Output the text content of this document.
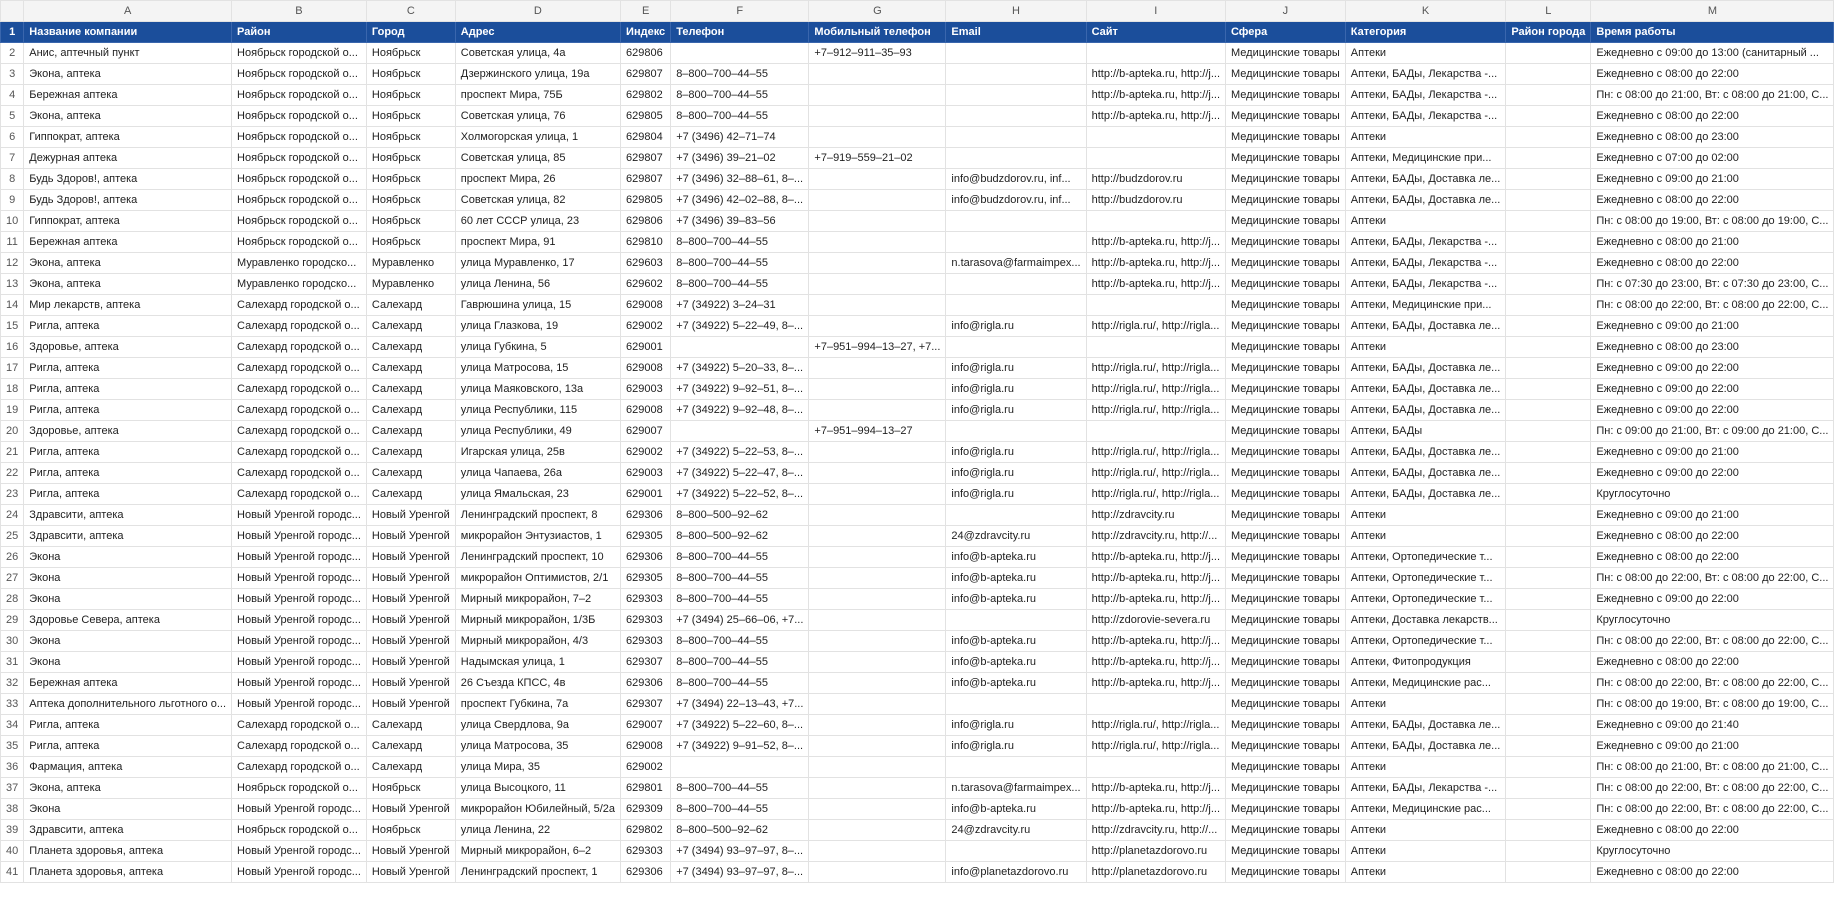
	A	B	C	D	E	F	G	H	I	J	K	L	M
1	Название компании	Район	Город	Адрес	Индекс	Телефон	Мобильный телефон	Email	Сайт	Сфера	Категория	Район города	Время работы
2	Анис, аптечный пункт	Ноябрьск городской о...	Ноябрьск	Советская улица, 4а	629806		+7–912–911–35–93			Медицинские товары	Аптеки		Ежедневно с 09:00 до 13:00 (санитарный ...
3	Экона, аптека	Ноябрьск городской о...	Ноябрьск	Дзержинского улица, 19а	629807	8–800–700–44–55			http://b-apteka.ru, http://j...	Медицинские товары	Аптеки, БАДы, Лекарства -...		Ежедневно с 08:00 до 22:00
4	Бережная аптека	Ноябрьск городской о...	Ноябрьск	проспект Мира, 75Б	629802	8–800–700–44–55			http://b-apteka.ru, http://j...	Медицинские товары	Аптеки, БАДы, Лекарства -...		Пн: с 08:00 до 21:00, Вт: с 08:00 до 21:00, С...
5	Экона, аптека	Ноябрьск городской о...	Ноябрьск	Советская улица, 76	629805	8–800–700–44–55			http://b-apteka.ru, http://j...	Медицинские товары	Аптеки, БАДы, Лекарства -...		Ежедневно с 08:00 до 22:00
6	Гиппократ, аптека	Ноябрьск городской о...	Ноябрьск	Холмогорская улица, 1	629804	+7 (3496) 42–71–74				Медицинские товары	Аптеки		Ежедневно с 08:00 до 23:00
7	Дежурная аптека	Ноябрьск городской о...	Ноябрьск	Советская улица, 85	629807	+7 (3496) 39–21–02	+7–919–559–21–02			Медицинские товары	Аптеки, Медицинские при...		Ежедневно с 07:00 до 02:00
8	Будь Здоров!, аптека	Ноябрьск городской о...	Ноябрьск	проспект Мира, 26	629807	+7 (3496) 32–88–61, 8–...		info@budzdorov.ru, inf...	http://budzdorov.ru	Медицинские товары	Аптеки, БАДы, Доставка ле...		Ежедневно с 09:00 до 21:00
9	Будь Здоров!, аптека	Ноябрьск городской о...	Ноябрьск	Советская улица, 82	629805	+7 (3496) 42–02–88, 8–...		info@budzdorov.ru, inf...	http://budzdorov.ru	Медицинские товары	Аптеки, БАДы, Доставка ле...		Ежедневно с 08:00 до 22:00
10	Гиппократ, аптека	Ноябрьск городской о...	Ноябрьск	60 лет СССР улица, 23	629806	+7 (3496) 39–83–56				Медицинские товары	Аптеки		Пн: с 08:00 до 19:00, Вт: с 08:00 до 19:00, С...
11	Бережная аптека	Ноябрьск городской о...	Ноябрьск	проспект Мира, 91	629810	8–800–700–44–55			http://b-apteka.ru, http://j...	Медицинские товары	Аптеки, БАДы, Лекарства -...		Ежедневно с 08:00 до 21:00
12	Экона, аптека	Муравленко городско...	Муравленко	улица Муравленко, 17	629603	8–800–700–44–55		n.tarasova@farmaimpex...	http://b-apteka.ru, http://j...	Медицинские товары	Аптеки, БАДы, Лекарства -...		Ежедневно с 08:00 до 22:00
13	Экона, аптека	Муравленко городско...	Муравленко	улица Ленина, 56	629602	8–800–700–44–55			http://b-apteka.ru, http://j...	Медицинские товары	Аптеки, БАДы, Лекарства -...		Пн: с 07:30 до 23:00, Вт: с 07:30 до 23:00, С...
14	Мир лекарств, аптека	Салехард городской о...	Салехард	Гаврюшина улица, 15	629008	+7 (34922) 3–24–31				Медицинские товары	Аптеки, Медицинские при...		Пн: с 08:00 до 22:00, Вт: с 08:00 до 22:00, С...
15	Ригла, аптека	Салехард городской о...	Салехард	улица Глазкова, 19	629002	+7 (34922) 5–22–49, 8–...		info@rigla.ru	http://rigla.ru/, http://rigla...	Медицинские товары	Аптеки, БАДы, Доставка ле...		Ежедневно с 09:00 до 21:00
16	Здоровье, аптека	Салехард городской о...	Салехард	улица Губкина, 5	629001		+7–951–994–13–27, +7...			Медицинские товары	Аптеки		Ежедневно с 08:00 до 23:00
17	Ригла, аптека	Салехард городской о...	Салехард	улица Матросова, 15	629008	+7 (34922) 5–20–33, 8–...		info@rigla.ru	http://rigla.ru/, http://rigla...	Медицинские товары	Аптеки, БАДы, Доставка ле...		Ежедневно с 09:00 до 22:00
18	Ригла, аптека	Салехард городской о...	Салехард	улица Маяковского, 13а	629003	+7 (34922) 9–92–51, 8–...		info@rigla.ru	http://rigla.ru/, http://rigla...	Медицинские товары	Аптеки, БАДы, Доставка ле...		Ежедневно с 09:00 до 22:00
19	Ригла, аптека	Салехард городской о...	Салехард	улица Республики, 115	629008	+7 (34922) 9–92–48, 8–...		info@rigla.ru	http://rigla.ru/, http://rigla...	Медицинские товары	Аптеки, БАДы, Доставка ле...		Ежедневно с 09:00 до 22:00
20	Здоровье, аптека	Салехард городской о...	Салехард	улица Республики, 49	629007		+7–951–994–13–27			Медицинские товары	Аптеки, БАДы		Пн: с 09:00 до 21:00, Вт: с 09:00 до 21:00, С...
21	Ригла, аптека	Салехард городской о...	Салехард	Игарская улица, 25в	629002	+7 (34922) 5–22–53, 8–...		info@rigla.ru	http://rigla.ru/, http://rigla...	Медицинские товары	Аптеки, БАДы, Доставка ле...		Ежедневно с 09:00 до 21:00
22	Ригла, аптека	Салехард городской о...	Салехард	улица Чапаева, 26а	629003	+7 (34922) 5–22–47, 8–...		info@rigla.ru	http://rigla.ru/, http://rigla...	Медицинские товары	Аптеки, БАДы, Доставка ле...		Ежедневно с 09:00 до 22:00
23	Ригла, аптека	Салехард городской о...	Салехард	улица Ямальская, 23	629001	+7 (34922) 5–22–52, 8–...		info@rigla.ru	http://rigla.ru/, http://rigla...	Медицинские товары	Аптеки, БАДы, Доставка ле...		Круглосуточно
24	Здравсити, аптека	Новый Уренгой городс...	Новый Уренгой	Ленинградский проспект, 8	629306	8–800–500–92–62			http://zdravcity.ru	Медицинские товары	Аптеки		Ежедневно с 09:00 до 21:00
25	Здравсити, аптека	Новый Уренгой городс...	Новый Уренгой	микрорайон Энтузиастов, 1	629305	8–800–500–92–62		24@zdravcity.ru	http://zdravcity.ru, http://...	Медицинские товары	Аптеки		Ежедневно с 08:00 до 22:00
26	Экона	Новый Уренгой городс...	Новый Уренгой	Ленинградский проспект, 10	629306	8–800–700–44–55		info@b-apteka.ru	http://b-apteka.ru, http://j...	Медицинские товары	Аптеки, Ортопедические т...		Ежедневно с 08:00 до 22:00
27	Экона	Новый Уренгой городс...	Новый Уренгой	микрорайон Оптимистов, 2/1	629305	8–800–700–44–55		info@b-apteka.ru	http://b-apteka.ru, http://j...	Медицинские товары	Аптеки, Ортопедические т...		Пн: с 08:00 до 22:00, Вт: с 08:00 до 22:00, С...
28	Экона	Новый Уренгой городс...	Новый Уренгой	Мирный микрорайон, 7–2	629303	8–800–700–44–55		info@b-apteka.ru	http://b-apteka.ru, http://j...	Медицинские товары	Аптеки, Ортопедические т...		Ежедневно с 09:00 до 22:00
29	Здоровье Севера, аптека	Новый Уренгой городс...	Новый Уренгой	Мирный микрорайон, 1/3Б	629303	+7 (3494) 25–66–06, +7...			http://zdorovie-severa.ru	Медицинские товары	Аптеки, Доставка лекарств...		Круглосуточно
30	Экона	Новый Уренгой городс...	Новый Уренгой	Мирный микрорайон, 4/3	629303	8–800–700–44–55		info@b-apteka.ru	http://b-apteka.ru, http://j...	Медицинские товары	Аптеки, Ортопедические т...		Пн: с 08:00 до 22:00, Вт: с 08:00 до 22:00, С...
31	Экона	Новый Уренгой городс...	Новый Уренгой	Надымская улица, 1	629307	8–800–700–44–55		info@b-apteka.ru	http://b-apteka.ru, http://j...	Медицинские товары	Аптеки, Фитопродукция		Ежедневно с 08:00 до 22:00
32	Бережная аптека	Новый Уренгой городс...	Новый Уренгой	26 Съезда КПСС, 4в	629306	8–800–700–44–55		info@b-apteka.ru	http://b-apteka.ru, http://j...	Медицинские товары	Аптеки, Медицинские рас...		Пн: с 08:00 до 22:00, Вт: с 08:00 до 22:00, С...
33	Аптека дополнительного льготного о...	Новый Уренгой городс...	Новый Уренгой	проспект Губкина, 7а	629307	+7 (3494) 22–13–43, +7...				Медицинские товары	Аптеки		Пн: с 08:00 до 19:00, Вт: с 08:00 до 19:00, С...
34	Ригла, аптека	Салехард городской о...	Салехард	улица Свердлова, 9а	629007	+7 (34922) 5–22–60, 8–...		info@rigla.ru	http://rigla.ru/, http://rigla...	Медицинские товары	Аптеки, БАДы, Доставка ле...		Ежедневно с 09:00 до 21:40
35	Ригла, аптека	Салехард городской о...	Салехард	улица Матросова, 35	629008	+7 (34922) 9–91–52, 8–...		info@rigla.ru	http://rigla.ru/, http://rigla...	Медицинские товары	Аптеки, БАДы, Доставка ле...		Ежедневно с 09:00 до 21:00
36	Фармация, аптека	Салехард городской о...	Салехард	улица Мира, 35	629002					Медицинские товары	Аптеки		Пн: с 08:00 до 21:00, Вт: с 08:00 до 21:00, С...
37	Экона, аптека	Ноябрьск городской о...	Ноябрьск	улица Высоцкого, 11	629801	8–800–700–44–55		n.tarasova@farmaimpex...	http://b-apteka.ru, http://j...	Медицинские товары	Аптеки, БАДы, Лекарства -...		Пн: с 08:00 до 22:00, Вт: с 08:00 до 22:00, С...
38	Экона	Новый Уренгой городс...	Новый Уренгой	микрорайон Юбилейный, 5/2а	629309	8–800–700–44–55		info@b-apteka.ru	http://b-apteka.ru, http://j...	Медицинские товары	Аптеки, Медицинские рас...		Пн: с 08:00 до 22:00, Вт: с 08:00 до 22:00, С...
39	Здравсити, аптека	Ноябрьск городской о...	Ноябрьск	улица Ленина, 22	629802	8–800–500–92–62		24@zdravcity.ru	http://zdravcity.ru, http://...	Медицинские товары	Аптеки		Ежедневно с 08:00 до 22:00
40	Планета здоровья, аптека	Новый Уренгой городс...	Новый Уренгой	Мирный микрорайон, 6–2	629303	+7 (3494) 93–97–97, 8–...			http://planetazdorovo.ru	Медицинские товары	Аптеки		Круглосуточно
41	Планета здоровья, аптека	Новый Уренгой городс...	Новый Уренгой	Ленинградский проспект, 1	629306	+7 (3494) 93–97–97, 8–...		info@planetazdorovo.ru	http://planetazdorovo.ru	Медицинские товары	Аптеки		Ежедневно с 08:00 до 22:00
